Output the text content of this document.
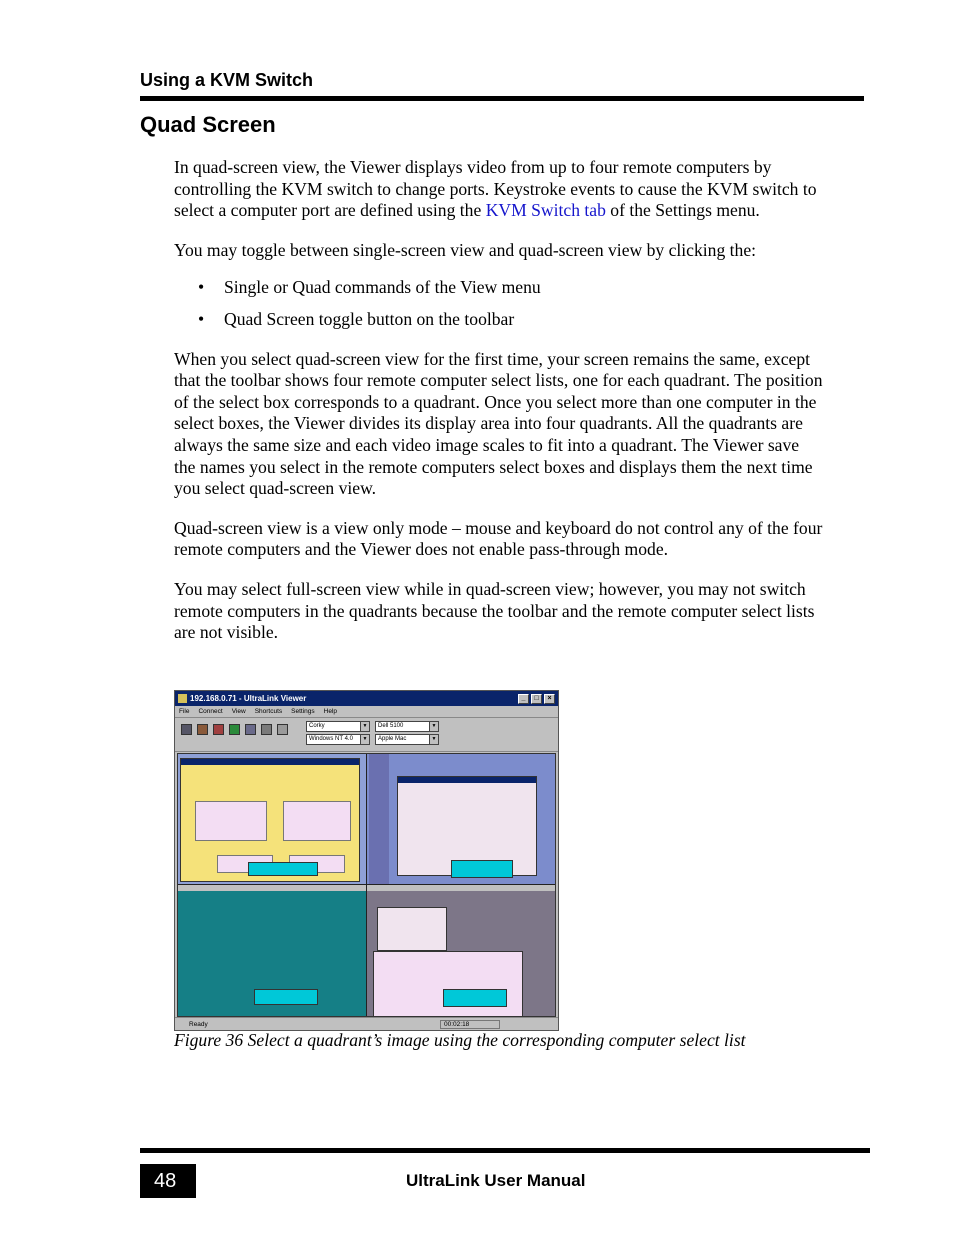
Using a KVM Switch
Quad Screen

In quad-screen view, the Viewer displays video from up to four remote computers by controlling the KVM switch to change ports. Keystroke events to cause the KVM switch to select a computer port are defined using the KVM Switch tab of the Settings menu.

You may toggle between single-screen view and quad-screen view by clicking the:

• Single or Quad commands of the View menu
• Quad Screen toggle button on the toolbar

When you select quad-screen view for the first time, your screen remains the same, except that the toolbar shows four remote computer select lists, one for each quadrant. The position of the select box corresponds to a quadrant. Once you select more than one computer in the select boxes, the Viewer divides its display area into four quadrants. All the quadrants are always the same size and each video image scales to fit into a quadrant. The Viewer save the names you select in the remote computers select boxes and displays them the next time you select quad-screen view.

Quad-screen view is a view only mode – mouse and keyboard do not control any of the four remote computers and the Viewer does not enable pass-through mode.

You may select full-screen view while in quad-screen view; however, you may not switch remote computers in the quadrants because the toolbar and the remote computer select lists are not visible.

192.168.0.71 - UltraLink Viewer	_	□	×
File Connect View Shortcuts Settings Help
Corky	▼	Dell 5100	▼
Windows NT 4.0	▼	Apple Mac	▼
Ready	00:02:18
Figure 36 Select a quadrant’s image using the corresponding computer select list
48	UltraLink User Manual
